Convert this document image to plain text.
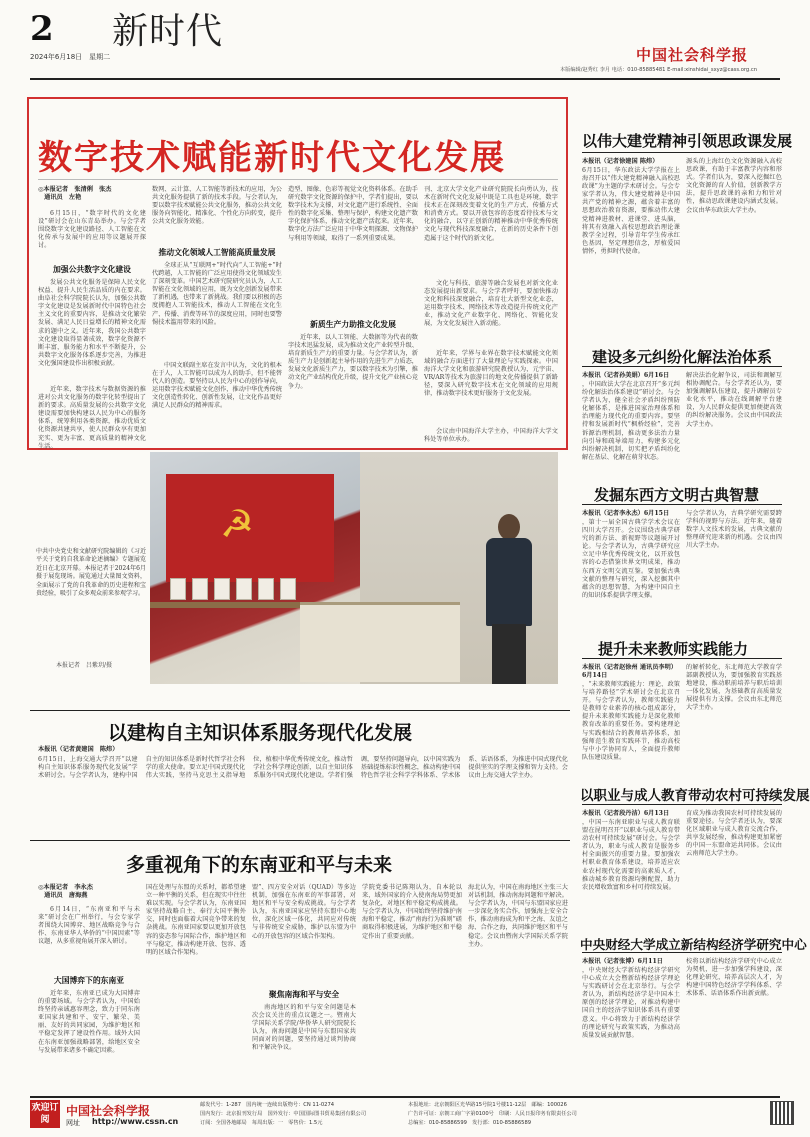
2 新时代
2024年6月18日　星期二	中国社会科学报
本版编辑/赵秀红 李月 电话：010-85885481 E-mail:xinshidai_sxyz@cass.org.cn
数字技术赋能新时代文化发展
◎本报记者　张清俐　张杰
　通讯员　左艳
6月15日，“数字时代的文化建设”研讨会在山东青岛举办。与会学者围绕数字文化建设路径、人工智能在文化传承与发展中的应用等议题展开探讨。
加强公共数字文化建设
发展公共文化服务是保障人民文化权益、提升人民生活品质的内在要求。曲阜社会科学院院长认为，加强公共数字文化建设是发展新时代中国特色社会主义文化的重要内容，是推动文化繁荣发展、满足人民日益增长的精神文化需求的题中之义。近年来，我国公共数字文化建设取得显著成效，数字化资源不断丰富，服务能力和水平不断提升，公共数字文化服务体系逐步完善，为推进文化强国建设作出积极贡献。
近年来，数字技术与数据资源的推进对公共文化服务的数字化转型提出了新的要求。高质量发展的公共数字文化建设需要加快构建以人民为中心的服务体系，统筹利用各类资源，推动优质文化资源共建共享，使人民群众享有更加充实、更为丰富、更高质量的精神文化生活。
数网、云计算、人工智能等新技术的应用，为公共文化服务提供了新的技术手段。与会者认为，要以数字技术赋能公共文化服务，推动公共文化服务向智能化、精准化、个性化方向转变，提升公共文化服务效能。
推动文化领域人工智能高质量发展
全球正从“互联网+”时代向“人工智能+”时代跨越，人工智能的广泛应用使得文化领域发生了深刻变革。中国艺术研究院研究员认为，人工智能在文化领域的应用，既为文化创新发展带来了新机遇，也带来了新挑战。我们要以积极的态度拥抱人工智能技术，推动人工智能在文化生产、传播、消费等环节的深度应用，同时也要警惕技术滥用带来的风险。
中国文联副主席在发言中认为，文化的根本在于人，人工智能可以成为人的助手，但不能替代人的创造。要坚持以人民为中心的创作导向，运用数字技术赋能文化创作，推动中华优秀传统文化创造性转化、创新性发展，让文化作品更好满足人民群众的精神需求。
造型、图像、色彩等视觉文化资料体系。在助手研究数字文化资源的保护中，学者们提出，要以数字技术为支撑，对文化遗产进行系统性、全面性的数字化采集、整理与保护，构建文化遗产数字化保护体系，推动文化遗产活起来。近年来，数字化方法广泛应用于中华文明探源、文物保护与利用等领域，取得了一系列重要成果。
新质生产力助推文化发展
近年来，以人工智能、大数据等为代表的数字技术迅猛发展，成为推动文化产业转型升级、培育新质生产力的重要力量。与会学者认为，新质生产力是创新起主导作用的先进生产力质态，发展文化新质生产力，要以数字技术为引擎，推动文化产业结构优化升级，提升文化产业核心竞争力。
刊、北京大学文化产业研究院院长向勇认为，技术在新时代文化发展中既是工具也是环境，数字技术正在深刻改变着文化的生产方式、传播方式和消费方式。要以开放包容的态度看待技术与文化的融合，以守正创新的精神推动中华优秀传统文化与现代科技深度融合，在新的历史条件下创造属于这个时代的新文化。
文化与科技、旅游等融合发展也对新文化业态发展提出新要求。与会学者呼吁，要加快推动文化和科技深度融合，培育壮大新型文化业态，运用数字技术、网络技术等改造提升传统文化产业，推动文化产业数字化、网络化、智能化发展，为文化发展注入新动能。
近年来，学界与业界在数字技术赋能文化领域的融合方面进行了大量理论与实践探索。中国海洋大学文化和旅游研究院教授认为，元宇宙、VR/AR等技术为旅游目的地文化传播提供了新路径，要深入研究数字技术在文化领域的应用规律，推动数字技术更好服务于文化发展。
会议由中国海洋大学主办，中国海洋大学文科处等单位承办。
☭
中共中央党史和文献研究院编辑的《习近平关于党的自我革命论述摘编》专题展览近日在北京开幕。本报记者于2024年6月摄于展览现场。展览通过大量图文资料，全面展示了党的自我革命的历史进程和宝贵经验，吸引了众多观众前来参观学习。
本报记者　吕紫玥/摄
以伟大建党精神引领思政课发展
本报讯（记者徐建国 陈炜）
6月15日，华东政法大学学报在上海召开以“伟大建党精神融入高校思政课”为主题的学术研讨会。与会专家学者认为，伟大建党精神是中国共产党的精神之源，蕴含着丰富的思想政治教育资源，要推动伟大建党精神进教材、进课堂、进头脑，将其有效融入高校思想政治理论课教学全过程，引导青年学生传承红色基因，坚定理想信念，厚植爱国情怀，勇担时代使命。
源头的上海红色文化资源融入高校思政课，有助于丰富教学内容和形式。学者们认为，要深入挖掘红色文化资源的育人价值，创新教学方法，提升思政课的亲和力和针对性，推动思政课建设内涵式发展。会议由华东政法大学主办。
建设多元纠纷化解法治体系
本报讯（记者孙美娟）6月16日
，中国政法大学在北京召开“多元纠纷化解法治体系建设”研讨会。与会学者认为，健全社会矛盾纠纷预防化解体系，是推进国家治理体系和治理能力现代化的重要内容。要坚持和发展新时代“枫桥经验”，完善诉源治理机制，推动更多法治力量向引导和疏导端用力，构建多元化纠纷解决机制，切实把矛盾纠纷化解在基层、化解在萌芽状态。
解决法治化解争议，司法和调解互相协调配合。与会学者还认为，要加强调解队伍建设，提升调解员专业化水平，推动在线调解平台建设，为人民群众提供更加便捷高效的纠纷解决服务。会议由中国政法大学主办。
发掘东西方文明古典智慧
本报讯（记者李永杰）6月15日
，第十一届全国古典学学术会议在四川大学召开。会议围绕古典学研究的新方法、新视野等议题展开讨论。与会学者认为，古典学研究应立足中华优秀传统文化，以开放包容的心态借鉴世界文明成果，推动东西方文明交流互鉴。要加强古典文献的整理与研究，深入挖掘其中蕴含的思想智慧，为构建中国自主的知识体系提供学理支撑。
与会学者认为，古典学研究需要跨学科的视野与方法。近年来，随着数字人文技术的发展，古典文献的整理研究迎来新的机遇。会议由四川大学主办。
提升未来教师实践能力
本报讯（记者赵徐州 通讯员李明）6月14日
，“未来教师实践能力：理论、政策与培养路径”学术研讨会在北京召开。与会学者认为，教师实践能力是教师专业素养的核心组成部分，提升未来教师实践能力是深化教师教育改革的重要任务。要构建理论与实践相结合的教师培养体系，加强师范生教育实践环节，推动高校与中小学协同育人，全面提升教师队伍建设质量。
的解析转化，东北师范大学教育学部副教授认为，要加强教育实践基地建设，推动职前培养与职后培训一体化发展，为基础教育高质量发展提供有力支撑。会议由东北师范大学主办。
以职业与成人教育带动农村可持续发展
本报讯（记者段丹洁）6月13日
，中国一东南亚职业与成人教育联盟在昆明召开“以职业与成人教育带动农村可持续发展”研讨会。与会学者认为，职业与成人教育是服务乡村全面振兴的重要力量。要加强农村职业教育体系建设，培养适应农业农村现代化需要的高素质人才，推动城乡教育资源均衡配置，助力农民增收致富和乡村可持续发展。
育成为推动我国农村可持续发展的重要途径。与会学者还认为，要深化区域职业与成人教育交流合作，共享发展经验，推动构建更加紧密的中国一东盟命运共同体。会议由云南师范大学主办。
中央财经大学成立新结构经济学研究中心
本报讯（记者张博）6月11日
，中央财经大学新结构经济学研究中心成立大会暨新结构经济学理论与实践研讨会在北京举行。与会学者认为，新结构经济学是中国本土原创的经济学理论，对推动构建中国自主的经济学知识体系具有重要意义。中心将致力于新结构经济学的理论研究与政策实践，为推动高质量发展贡献智慧。
校将以新结构经济学研究中心成立为契机，进一步加强学科建设，深化理论研究，培养高层次人才，为构建中国特色经济学学科体系、学术体系、话语体系作出新贡献。
以建构自主知识体系服务现代化发展
本报讯（记者黄建国　陈炜）
6月15日，上海交通大学召开“以建构自主知识体系服务现代化发展”学术研讨会。与会学者认为，建构中国自主的知识体系是新时代哲学社会科学的重大使命。要立足中国式现代化伟大实践，坚持马克思主义指导地位，植根中华优秀传统文化，推动哲学社会科学理论创新，以自主知识体系服务中国式现代化建设。学者们强调，要坚持问题导向，以中国实践为基础提炼标识性概念，推动构建中国特色哲学社会科学学科体系、学术体系、话语体系，为推进中国式现代化提供坚实的学理支撑和智力支持。会议由上海交通大学主办。
多重视角下的东南亚和平与未来
◎本报记者　李永杰
　通讯员　唐海燕
6月14日，“东南亚和平与未来”研讨会在广州举行，与会专家学者围绕大国博弈、地区战略竞争与合作、东南亚华人华侨的“中国因素”等议题，从多重视角展开深入研讨。
大国博弈下的东南亚
近年来，东南亚已成为大国博弈的重要场域。与会学者认为，中国始终坚持亲诚惠容理念，致力于同东南亚国家共建和平、安宁、繁荣、美丽、友好的共同家园，为维护地区和平稳定发挥了建设性作用。域外大国在东南亚加强战略部署，给地区安全与发展带来诸多不确定因素。
国在处理与东盟的关系时，都希望建立一种平衡的关系，但在现实中往往难以实现。与会学者认为，东南亚国家坚持战略自主、奉行大国平衡外交，同时也面临着大国竞争带来的复杂挑战。东南亚国家要以更加开放包容的姿态参与国际合作，维护地区和平与稳定，推动构建开放、包容、透明的区域合作架构。
盟”、四方安全对话（QUAD）等多边机制，加强在东南亚的军事部署，对地区和平与安全构成挑战。与会学者认为，东南亚国家应坚持东盟中心地位，深化区域一体化，共同应对传统与非传统安全威胁，维护以东盟为中心的开放包容的区域合作架构。
聚焦南海和平与安全
南海地区的和平与安全问题是本次会议关注的重点议题之一。暨南大学国际关系学院/华侨华人研究院院长认为，南海问题是中国与东盟国家共同面对的问题，要坚持通过谈判协商和平解决争议。
学院党委书记陈翔认为，自本轮以来，域外国家的介入使南海局势更加复杂化，对地区和平稳定构成挑战。与会学者认为，中国始终坚持维护南海和平稳定，推动“南海行为准则”磋商取得积极进展，为维护地区和平稳定作出了重要贡献。
海北认为，中国在南海地区主张三大对话机制，推动南海问题和平解决。与会学者认为，中国与东盟国家应进一步深化务实合作，加强海上安全合作，推动南海成为和平之海、友谊之海、合作之海，共同维护地区和平与稳定。会议由暨南大学国际关系学院主办。
欢迎订阅
中国社会科学报
网址 http://www.cssn.cn
邮发代号：1-287　国内统一连续出版物号：CN 11-0274
国内发行：北京报刊发行局　国外发行：中国国际图书贸易集团有限公司
订阅：全国各地邮局　每周出版：一　零售价：1.5元
本报地址：北京朝阳区光华路15号院1号楼11-12层　邮编：100026
广告许可证：京朝工商广字第0100号　印刷：人民日报印务有限责任公司
总编室：010-85886599　发行部：010-85886589
